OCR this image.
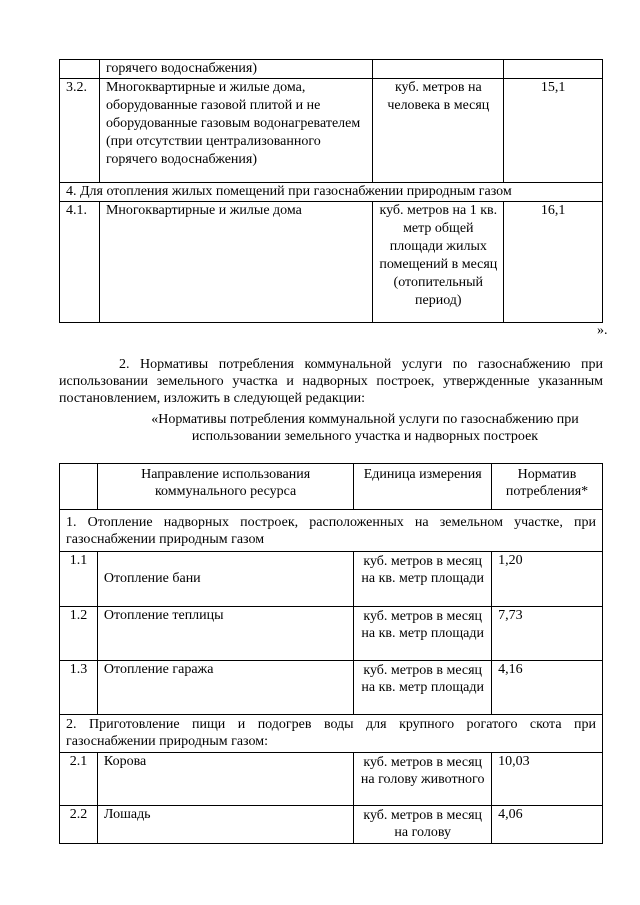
	горячего водоснабжения)		
3.2.	Многоквартирные и жилые дома, оборудованные газовой плитой и не оборудованные газовым водонагревателем (при отсутствии централизованного горячего водоснабжения)	куб. метров на человека в месяц	15,1
4. Для отопления жилых помещений при газоснабжении природным газом			
4.1.	Многоквартирные и жилые дома	куб. метров на 1 кв. метр общей площади жилых помещений в месяц (отопительный период)	16,1
».
2. Нормативы потребления коммунальной услуги по газоснабжению при использовании земельного участка и надворных построек, утвержденные указанным постановлением, изложить в следующей редакции:
«Нормативы потребления коммунальной услуги по газоснабжению при использовании земельного участка и надворных построек
	Направление использования коммунального ресурса	Единица измерения	Норматив потребления*
1. Отопление надворных построек, расположенных на земельном участке, при газоснабжении природным газом			
1.1	Отопление бани	куб. метров в месяц на кв. метр площади	1,20
1.2	Отопление теплицы	куб. метров в месяц на кв. метр площади	7,73
1.3	Отопление гаража	куб. метров в месяц на кв. метр площади	4,16
2. Приготовление пищи и подогрев воды для крупного рогатого скота при газоснабжении природным газом:			
2.1	Корова	куб. метров в месяц на голову животного	10,03
2.2	Лошадь	куб. метров в месяц на голову	4,06
